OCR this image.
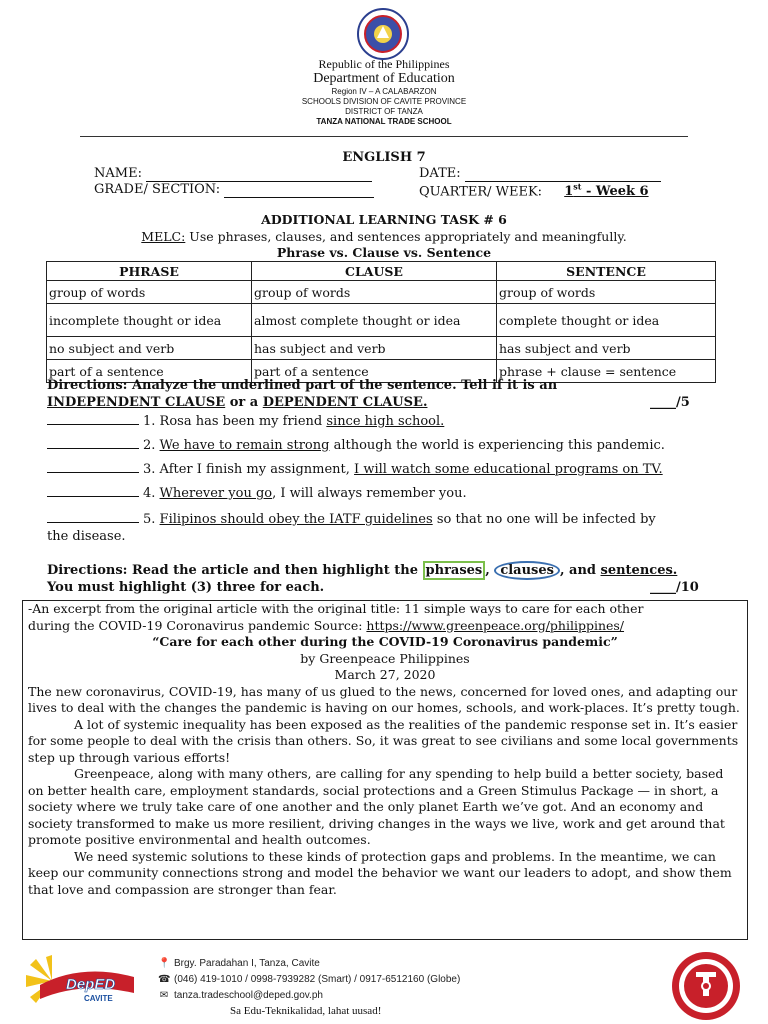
Republic of the Philippines
Department of Education
Region IV – A CALABARZON
SCHOOLS DIVISION OF CAVITE PROVINCE
DISTRICT OF TANZA
TANZA NATIONAL TRADE SCHOOL
ENGLISH 7
NAME:	DATE:
GRADE/ SECTION:	QUARTER/ WEEK: 1st - Week 6
ADDITIONAL LEARNING TASK # 6
MELC: Use phrases, clauses, and sentences appropriately and meaningfully.
Phrase vs. Clause vs. Sentence
PHRASE	CLAUSE	SENTENCE
group of words	group of words	group of words
incomplete thought or idea	almost complete thought or idea	complete thought or idea
no subject and verb	has subject and verb	has subject and verb
part of a sentence	part of a sentence	phrase + clause = sentence
Directions: Analyze the underlined part of the sentence. Tell if it is an
INDEPENDENT CLAUSE or a DEPENDENT CLAUSE.	____/5
1. Rosa has been my friend since high school.
2. We have to remain strong although the world is experiencing this pandemic.
3. After I finish my assignment, I will watch some educational programs on TV.
4. Wherever you go, I will always remember you.
5. Filipinos should obey the IATF guidelines so that no one will be infected by
the disease.
Directions: Read the article and then highlight the phrases , clauses , and sentences.
You must highlight (3) three for each.	____/10

-An excerpt from the original article with the original title: 11 simple ways to care for each other

during the COVID-19 Coronavirus pandemic Source: https://www.greenpeace.org/philippines/

“Care for each other during the COVID-19 Coronavirus pandemic”

by Greenpeace Philippines

March 27, 2020

The new coronavirus, COVID-19, has many of us glued to the news, concerned for loved ones, and adapting our lives to deal with the changes the pandemic is having on our homes, schools, and work-places. It’s pretty tough.

A lot of systemic inequality has been exposed as the realities of the pandemic response set in. It’s easier for some people to deal with the crisis than others. So, it was great to see civilians and some local governments step up through various efforts!

Greenpeace, along with many others, are calling for any spending to help build a better society, based on better health care, employment standards, social protections and a Green Stimulus Package — in short, a society where we truly take care of one another and the only planet Earth we’ve got. And an economy and society transformed to make us more resilient, driving changes in the ways we live, work and get around that promote positive environmental and health outcomes.

We need systemic solutions to these kinds of protection gaps and problems. In the meantime, we can keep our community connections strong and model the behavior we want our leaders to adopt, and show them that love and compassion are stronger than fear.

DepED
CAVITE
📍 Brgy. Paradahan I, Tanza, Cavite
☎ (046) 419-1010 / 0998-7939282 (Smart) / 0917-6512160 (Globe)
✉ tanza.tradeschool@deped.gov.ph
Sa Edu-Teknikalidad, lahat uusad!
